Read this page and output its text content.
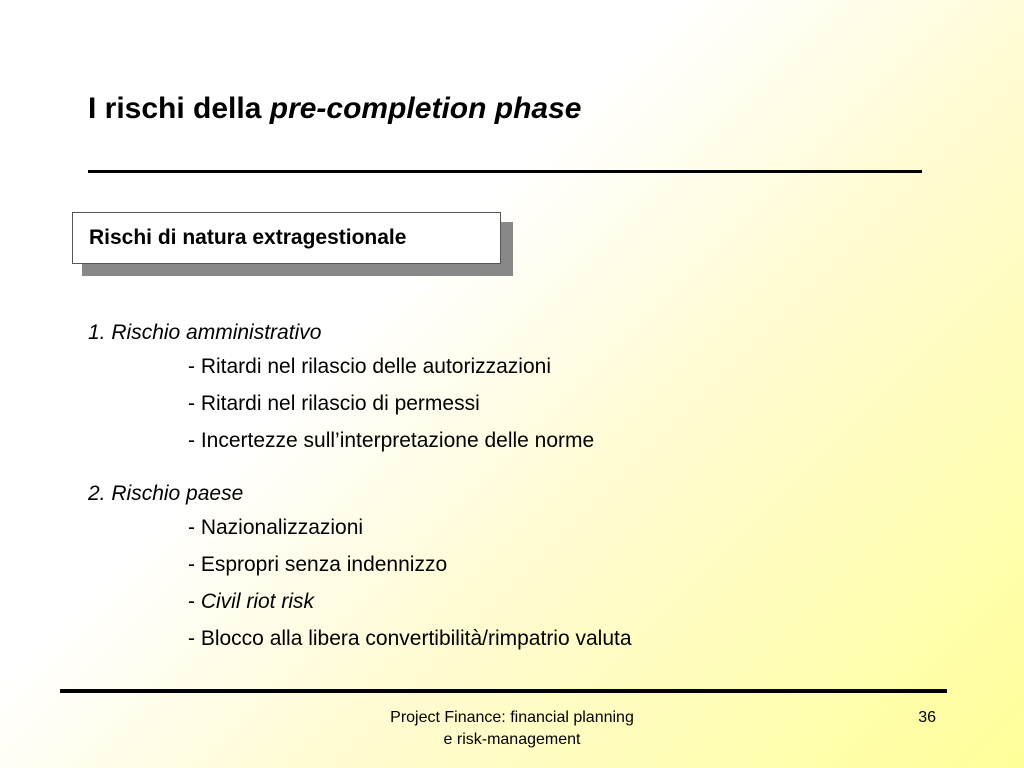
I rischi della pre-completion phase
Rischi di natura extragestionale
1. Rischio amministrativo
- Ritardi nel rilascio delle autorizzazioni
- Ritardi nel rilascio di permessi
- Incertezze sull’interpretazione delle norme
2. Rischio paese
- Nazionalizzazioni
- Espropri senza indennizzo
- Civil riot risk
- Blocco alla libera convertibilità/rimpatrio valuta
Project Finance: financial planning
e risk-management
36
